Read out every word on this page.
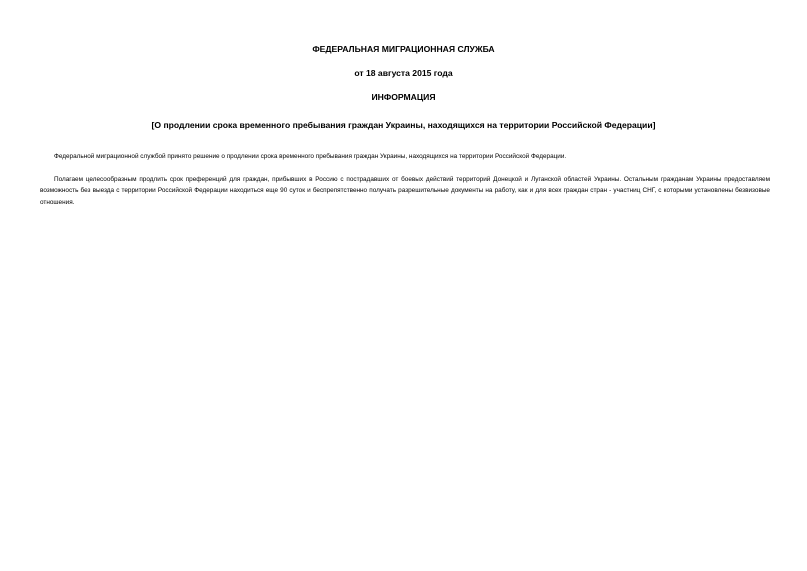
ФЕДЕРАЛЬНАЯ МИГРАЦИОННАЯ СЛУЖБА
от 18 августа 2015 года
ИНФОРМАЦИЯ
[О продлении срока временного пребывания граждан Украины, находящихся на территории Российской Федерации]
Федеральной миграционной службой принято решение о продлении срока временного пребывания граждан Украины, находящихся на территории Российской Федерации.
Полагаем целесообразным продлить срок преференций для граждан, прибывших в Россию с пострадавших от боевых действий территорий Донецкой и Луганской областей Украины. Остальным гражданам Украины предоставляем возможность без выезда с территории Российской Федерации находиться еще 90 суток и беспрепятственно получать разрешительные документы на работу, как и для всех граждан стран - участниц СНГ, с которыми установлены безвизовые отношения.
